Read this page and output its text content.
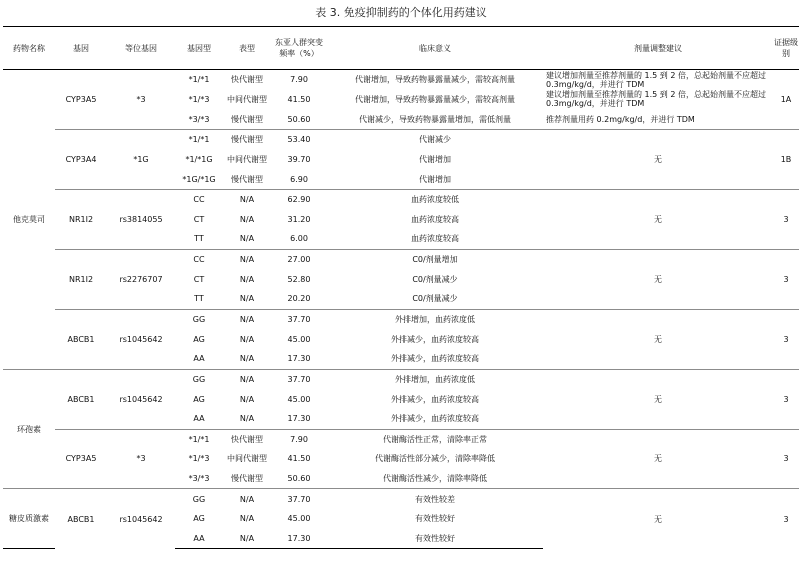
表 3. 免疫抑制药的个体化用药建议
药物名称	基因	等位基因	基因型	表型	东亚人群突变频率（%）	临床意义	剂量调整建议	证据级别
他克莫司	CYP3A5	*3	*1/*1	快代谢型	7.90	代谢增加，导致药物暴露量减少，需较高剂量	建议增加剂量至推荐剂量的 1.5 到 2 倍，总起始剂量不应超过 0.3mg/kg/d，并进行 TDM	1A
			*1/*3	中间代谢型	41.50	代谢增加，导致药物暴露量减少，需较高剂量	建议增加剂量至推荐剂量的 1.5 到 2 倍，总起始剂量不应超过 0.3mg/kg/d，并进行 TDM	
			*3/*3	慢代谢型	50.60	代谢减少，导致药物暴露量增加，需低剂量	推荐剂量用药 0.2mg/kg/d，并进行 TDM	
	CYP3A4	*1G	*1/*1	慢代谢型	53.40	代谢减少	无	1B
			*1/*1G	中间代谢型	39.70	代谢增加		
			*1G/*1G	慢代谢型	6.90	代谢增加		
	NR1I2	rs3814055	CC	N/A	62.90	血药浓度较低	无	3
			CT	N/A	31.20	血药浓度较高		
			TT	N/A	6.00	血药浓度较高		
	NR1I2	rs2276707	CC	N/A	27.00	C0/剂量增加	无	3
			CT	N/A	52.80	C0/剂量减少		
			TT	N/A	20.20	C0/剂量减少		
	ABCB1	rs1045642	GG	N/A	37.70	外排增加，血药浓度低	无	3
			AG	N/A	45.00	外排减少，血药浓度较高		
			AA	N/A	17.30	外排减少，血药浓度较高		
环孢素	ABCB1	rs1045642	GG	N/A	37.70	外排增加，血药浓度低	无	3
			AG	N/A	45.00	外排减少，血药浓度较高		
			AA	N/A	17.30	外排减少，血药浓度较高		
	CYP3A5	*3	*1/*1	快代谢型	7.90	代谢酶活性正常，清除率正常	无	3
			*1/*3	中间代谢型	41.50	代谢酶活性部分减少，清除率降低		
			*3/*3	慢代谢型	50.60	代谢酶活性减少，清除率降低		
糖皮质激素	ABCB1	rs1045642	GG	N/A	37.70	有效性较差	无	3
			AG	N/A	45.00	有效性较好		
			AA	N/A	17.30	有效性较好		
